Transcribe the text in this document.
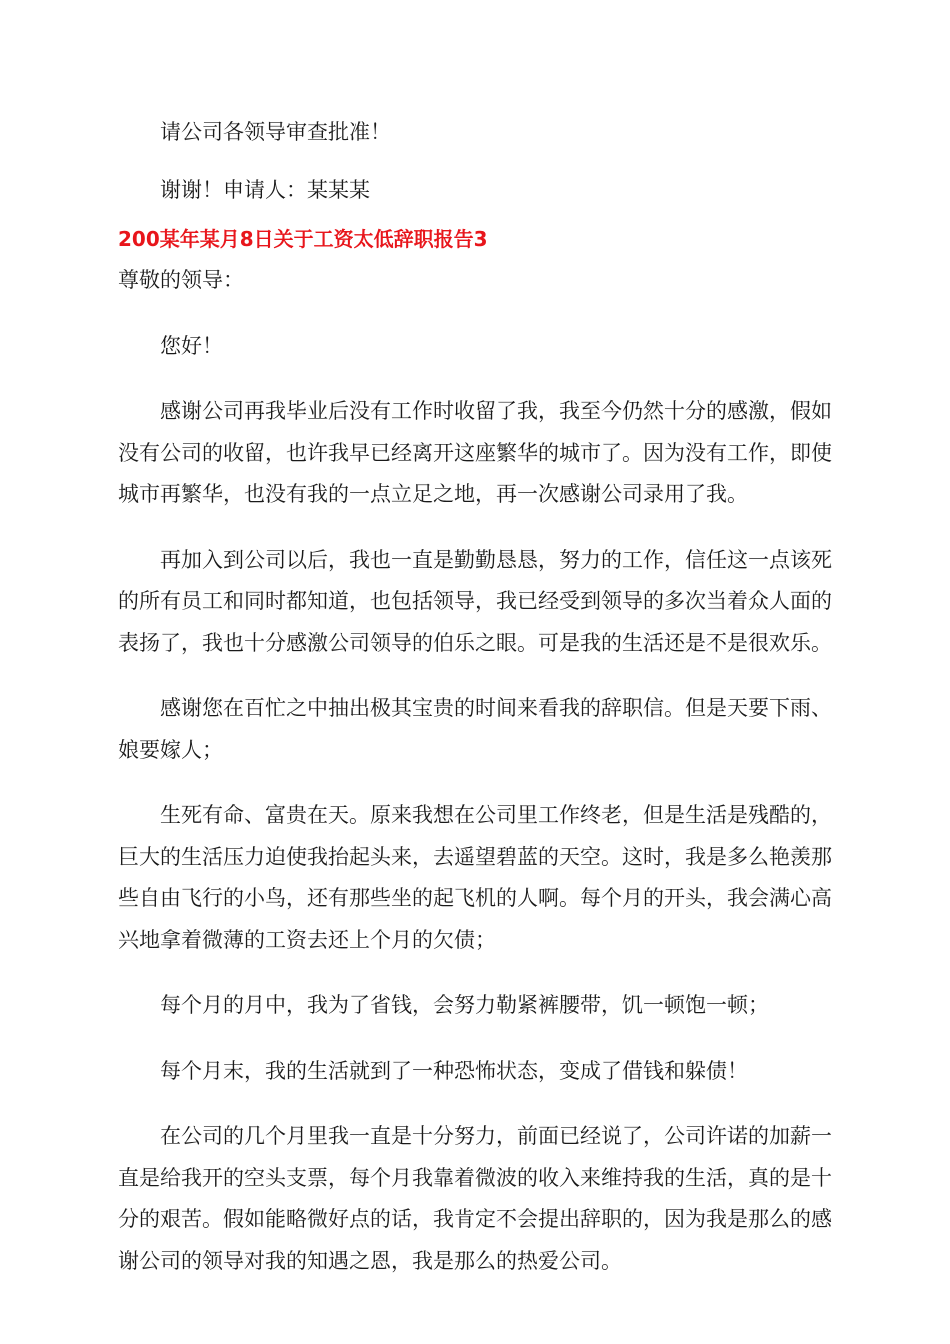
请公司各领导审查批准！

谢谢！申请人：某某某

200某年某月8日关于工资太低辞职报告3

尊敬的领导：

您好！

感谢公司再我毕业后没有工作时收留了我，我至今仍然十分的感激，假如没有公司的收留，也许我早已经离开这座繁华的城市了。因为没有工作，即使城市再繁华，也没有我的一点立足之地，再一次感谢公司录用了我。

再加入到公司以后，我也一直是勤勤恳恳，努力的工作，信任这一点该死的所有员工和同时都知道，也包括领导，我已经受到领导的多次当着众人面的表扬了，我也十分感激公司领导的伯乐之眼。可是我的生活还是不是很欢乐。

感谢您在百忙之中抽出极其宝贵的时间来看我的辞职信。但是天要下雨、娘要嫁人；

生死有命、富贵在天。原来我想在公司里工作终老，但是生活是残酷的，巨大的生活压力迫使我抬起头来，去遥望碧蓝的天空。这时，我是多么艳羡那些自由飞行的小鸟，还有那些坐的起飞机的人啊。每个月的开头，我会满心高兴地拿着微薄的工资去还上个月的欠债；

每个月的月中，我为了省钱，会努力勒紧裤腰带，饥一顿饱一顿；

每个月末，我的生活就到了一种恐怖状态，变成了借钱和躲债！

在公司的几个月里我一直是十分努力，前面已经说了，公司许诺的加薪一直是给我开的空头支票，每个月我靠着微波的收入来维持我的生活，真的是十分的艰苦。假如能略微好点的话，我肯定不会提出辞职的，因为我是那么的感谢公司的领导对我的知遇之恩，我是那么的热爱公司。
